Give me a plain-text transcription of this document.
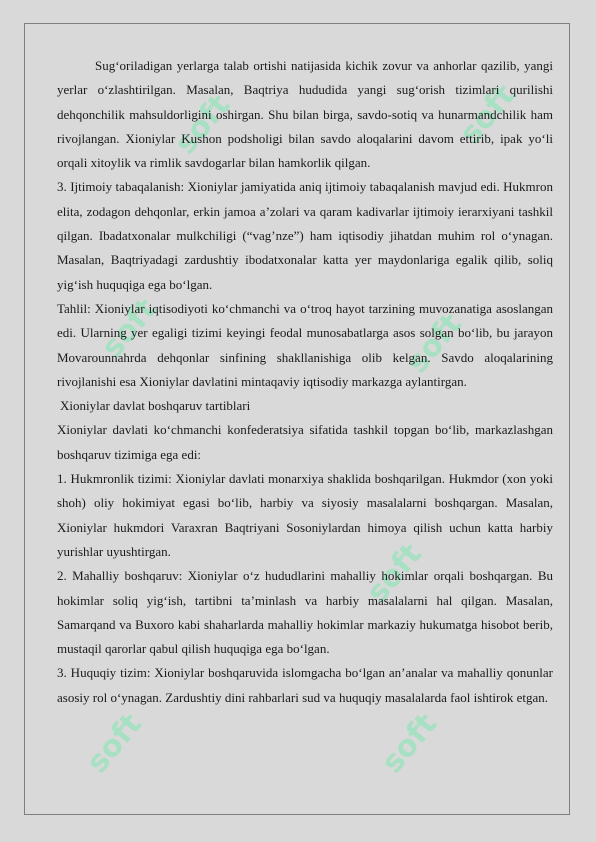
soft	soft
soft	soft
soft
soft	soft

Sug‘oriladigan yerlarga talab ortishi natijasida kichik zovur va anhorlar qazilib, yangi yerlar o‘zlashtirilgan. Masalan, Baqtriya hududida yangi sug‘orish tizimlari qurilishi dehqonchilik mahsuldorligini oshirgan. Shu bilan birga, savdo-sotiq va hunarmandchilik ham rivojlangan. Xioniylar Kushon podsholigi bilan savdo aloqalarini davom ettirib, ipak yo‘li orqali xitoylik va rimlik savdogarlar bilan hamkorlik qilgan.

3. Ijtimoiy tabaqalanish: Xioniylar jamiyatida aniq ijtimoiy tabaqalanish mavjud edi. Hukmron elita, zodagon dehqonlar, erkin jamoa a’zolari va qaram kadivarlar ijtimoiy ierarxiyani tashkil qilgan. Ibadatxonalar mulkchiligi (“vag’nze”) ham iqtisodiy jihatdan muhim rol o‘ynagan. Masalan, Baqtriyadagi zardushtiy ibodatxonalar katta yer maydonlariga egalik qilib, soliq yig‘ish huquqiga ega bo‘lgan.

Tahlil: Xioniylar iqtisodiyoti ko‘chmanchi va o‘troq hayot tarzining muvozanatiga asoslangan edi. Ularning yer egaligi tizimi keyingi feodal munosabatlarga asos solgan bo‘lib, bu jarayon Movarounnahrda dehqonlar sinfining shakllanishiga olib kelgan. Savdo aloqalarining rivojlanishi esa Xioniylar davlatini mintaqaviy iqtisodiy markazga aylantirgan.

Xioniylar davlat boshqaruv tartiblari

Xioniylar davlati ko‘chmanchi konfederatsiya sifatida tashkil topgan bo‘lib, markazlashgan boshqaruv tizimiga ega edi:

1. Hukmronlik tizimi: Xioniylar davlati monarxiya shaklida boshqarilgan. Hukmdor (xon yoki shoh) oliy hokimiyat egasi bo‘lib, harbiy va siyosiy masalalarni boshqargan. Masalan, Xioniylar hukmdori Varaxran Baqtriyani Sosoniylardan himoya qilish uchun katta harbiy yurishlar uyushtirgan.

2. Mahalliy boshqaruv: Xioniylar o‘z hududlarini mahalliy hokimlar orqali boshqargan. Bu hokimlar soliq yig‘ish, tartibni ta’minlash va harbiy masalalarni hal qilgan. Masalan, Samarqand va Buxoro kabi shaharlarda mahalliy hokimlar markaziy hukumatga hisobot berib, mustaqil qarorlar qabul qilish huquqiga ega bo‘lgan.

3. Huquqiy tizim: Xioniylar boshqaruvida islomgacha bo‘lgan an’analar va mahalliy qonunlar asosiy rol o‘ynagan. Zardushtiy dini rahbarlari sud va huquqiy masalalarda faol ishtirok etgan.
